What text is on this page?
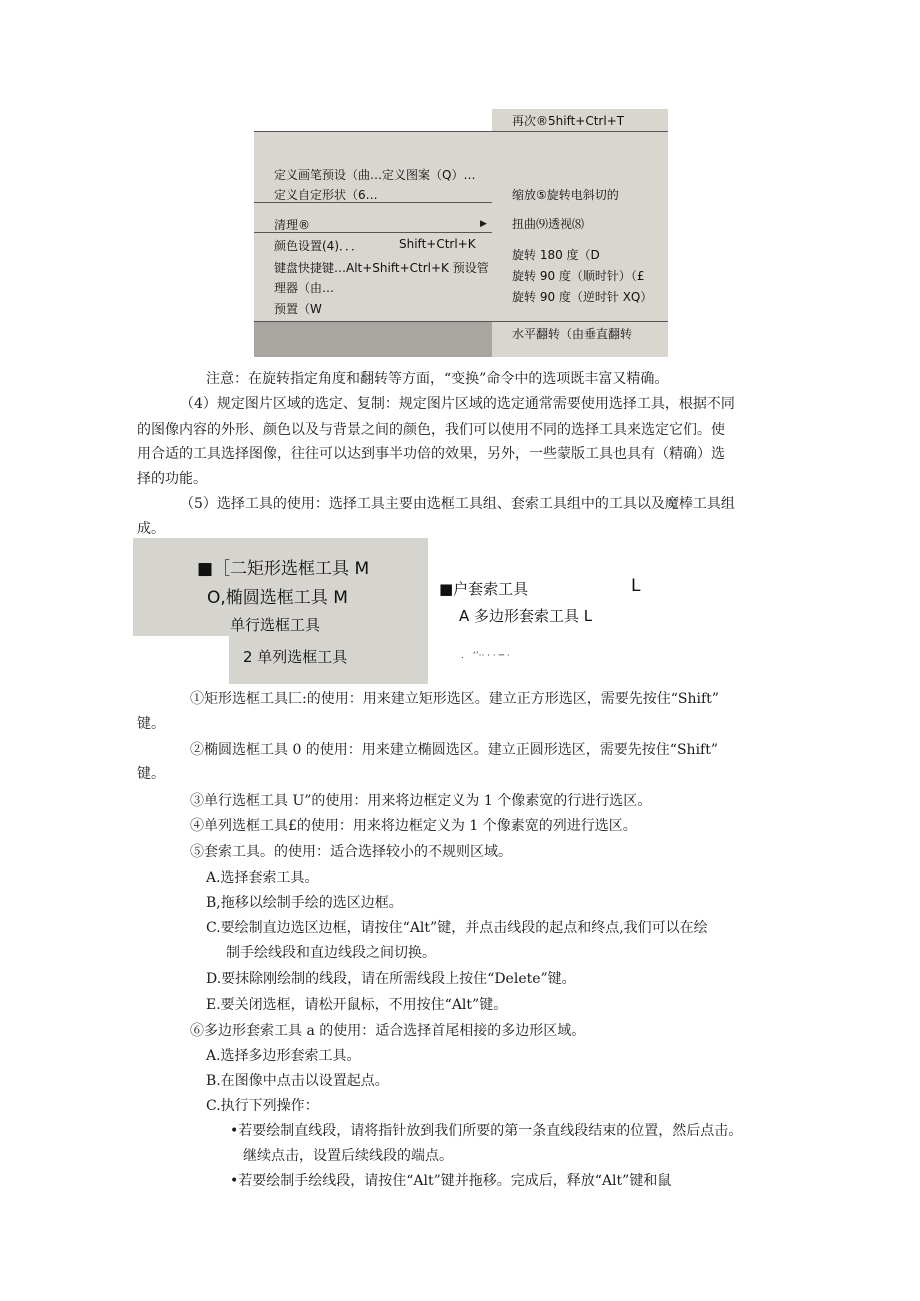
再次®5hift+Ctrl+T
定义画笔预设（曲…定义图案（Q）…
定义自定形状（6…
清理®	▶
颜色设置(4)．．．	Shift+Ctrl+K
键盘快捷键…Alt+Shift+Ctrl+K 预设管
理器（由…
预置（W
缩放⑤旋转电斜切的
扭曲⑼透视⑻
旋转 180 度（D
旋转 90 度（顺时针）（£
旋转 90 度（逆时针 XQ）
水平翻转（由垂直翻转
注意：在旋转指定角度和翻转等方面，“变换”命令中的选项既丰富又精确。
（4）规定图片区域的选定、复制：规定图片区域的选定通常需要使用选择工具，根据不同
的图像内容的外形、颜色以及与背景之间的颜色，我们可以使用不同的选择工具来选定它们。使
用合适的工具选择图像，往往可以达到事半功倍的效果，另外，一些蒙版工具也具有（精确）选
择的功能。
（5）选择工具的使用：选择工具主要由选框工具组、套索工具组中的工具以及魔棒工具组
成。
■［二矩形选框工具 M
O,椭圆选框工具 M
单行选框工具
2 单列选框工具
■户套索工具	L
A 多边形套索工具 L
． ‘’·· · · ─ ·
①矩形选框工具匚:的使用：用来建立矩形选区。建立正方形选区，需要先按住“Shift”
键。
②椭圆选框工具 0 的使用：用来建立椭圆选区。建立正圆形选区，需要先按住“Shift”
键。
③单行选框工具 U”的使用：用来将边框定义为 1 个像素宽的行进行选区。
④单列选框工具£的使用：用来将边框定义为 1 个像素宽的列进行选区。
⑤套索工具。的使用：适合选择较小的不规则区域。
A.选择套索工具。
B,拖移以绘制手绘的选区边框。
C.要绘制直边选区边框，请按住“Alt”键，并点击线段的起点和终点,我们可以在绘
制手绘线段和直边线段之间切换。
D.要抹除刚绘制的线段，请在所需线段上按住“Delete”键。
E.要关闭选框，请松开鼠标，不用按住“Alt”键。
⑥多边形套索工具 a 的使用：适合选择首尾相接的多边形区域。
A.选择多边形套索工具。
B.在图像中点击以设置起点。
C.执行下列操作：
•若要绘制直线段，请将指针放到我们所要的第一条直线段结束的位置，然后点击。
继续点击，设置后续线段的端点。
•若要绘制手绘线段，请按住“Alt”键并拖移。完成后，释放“Alt”键和鼠
